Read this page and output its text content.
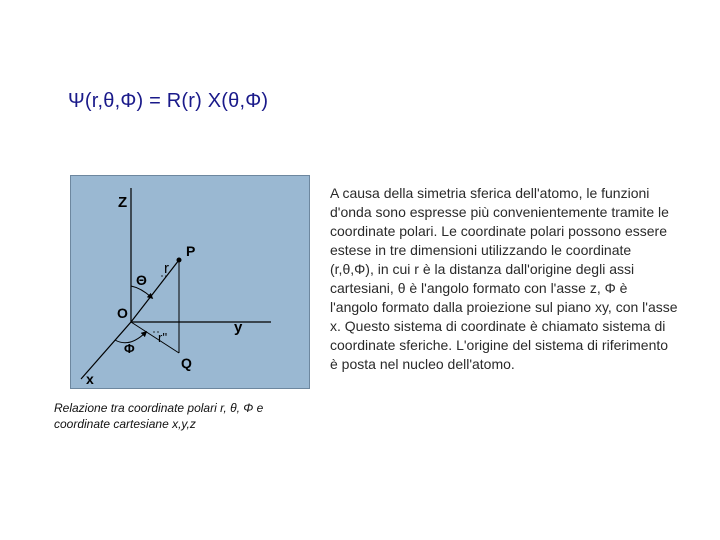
Ψ(r,θ,Φ) = R(r) X(θ,Φ)
Z
P
r
Θ
O
y
r''
Φ
Q
x
Relazione tra coordinate polari r, θ, Φ e coordinate cartesiane x,y,z
A causa della simetria sferica dell'atomo, le funzioni d'onda sono espresse più convenientemente tramite le coordinate polari. Le coordinate polari possono essere estese in tre dimensioni utilizzando le coordinate (r,θ,Φ), in cui r è la distanza dall'origine degli assi cartesiani, θ è l'angolo formato con l'asse z, Φ è l'angolo formato dalla proiezione sul piano xy, con l'asse x. Questo sistema di coordinate è chiamato sistema di coordinate sferiche. L'origine del sistema di riferimento è posta nel nucleo dell'atomo.
